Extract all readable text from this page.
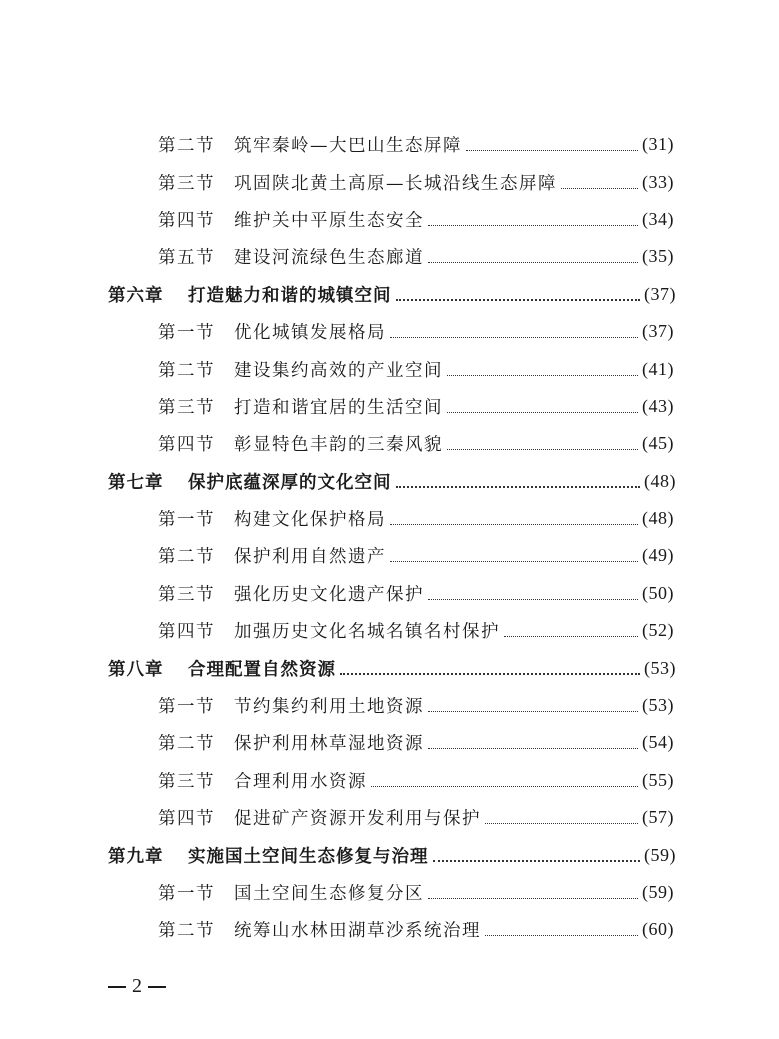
第二节	筑牢秦岭—大巴山生态屏障	(31)
第三节	巩固陕北黄土高原—长城沿线生态屏障	(33)
第四节	维护关中平原生态安全	(34)
第五节	建设河流绿色生态廊道	(35)
第六章	打造魅力和谐的城镇空间	(37)
第一节	优化城镇发展格局	(37)
第二节	建设集约高效的产业空间	(41)
第三节	打造和谐宜居的生活空间	(43)
第四节	彰显特色丰韵的三秦风貌	(45)
第七章	保护底蕴深厚的文化空间	(48)
第一节	构建文化保护格局	(48)
第二节	保护利用自然遗产	(49)
第三节	强化历史文化遗产保护	(50)
第四节	加强历史文化名城名镇名村保护	(52)
第八章	合理配置自然资源	(53)
第一节	节约集约利用土地资源	(53)
第二节	保护利用林草湿地资源	(54)
第三节	合理利用水资源	(55)
第四节	促进矿产资源开发利用与保护	(57)
第九章	实施国土空间生态修复与治理	(59)
第一节	国土空间生态修复分区	(59)
第二节	统筹山水林田湖草沙系统治理	(60)
2
